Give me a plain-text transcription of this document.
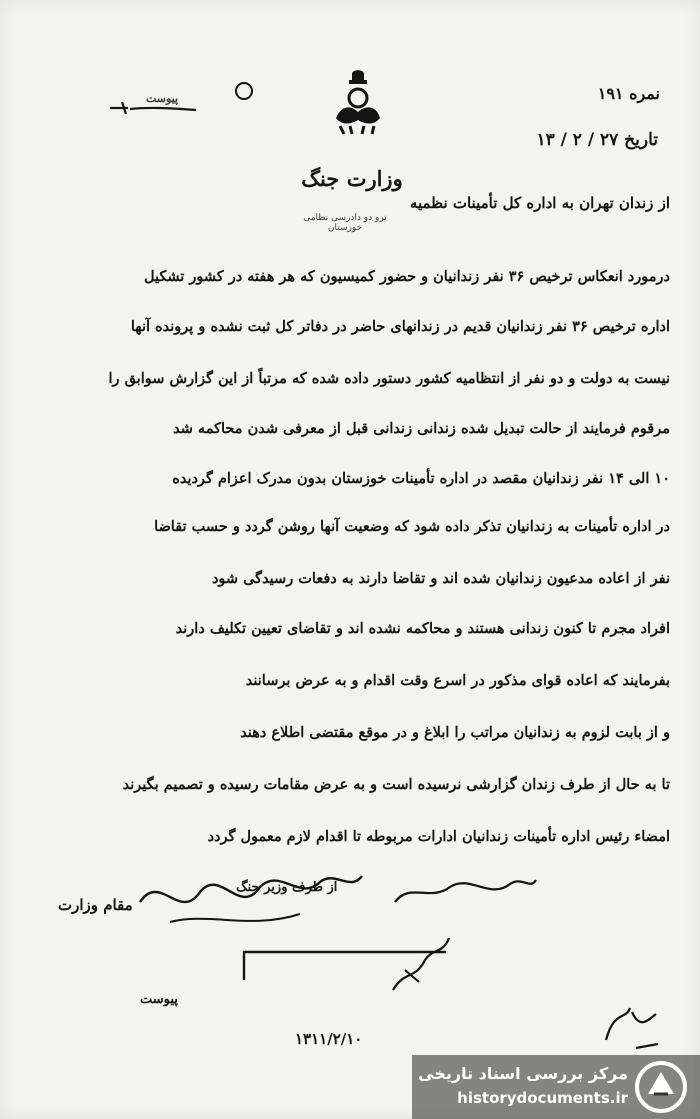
پیوست
وزارت جنگ
ترو دو دادرسی نظامی خوزستان
نمره ۱۹۱
تاریخ ۲۷ / ۲ / ۱۳
از زندان تهران به اداره کل تأمینات نظمیه
درمورد انعکاس ترخیص ۳۶ نفر زندانیان و حضور کمیسیون که هر هفته در کشور تشکیل
اداره ترخیص ۳۶ نفر زندانیان قدیم در زندانهای حاضر در دفاتر کل ثبت نشده و پرونده آنها
نیست به دولت و دو نفر از انتظامیه کشور دستور داده شده که مرتباً از این گزارش سوابق را
مرقوم فرمایند از حالت تبدیل شده زندانی زندانی قبل از معرفی شدن محاکمه شد
۱۰ الی ۱۴ نفر زندانیان مقصد در اداره تأمینات خوزستان بدون مدرک اعزام گردیده
در اداره تأمینات به زندانیان تذکر داده شود که وضعیت آنها روشن گردد و حسب تقاضا
نفر از اعاده مدعیون زندانیان شده اند و تقاضا دارند به دفعات رسیدگی شود
افراد مجرم تا کنون زندانی هستند و محاکمه نشده اند و تقاضای تعیین تکلیف دارند
بفرمایند که اعاده قوای مذکور در اسرع وقت اقدام و به عرض برسانند
و از بابت لزوم به زندانیان مراتب را ابلاغ و در موقع مقتضی اطلاع دهند
تا به حال از طرف زندان گزارشی نرسیده است و به عرض مقامات رسیده و تصمیم بگیرند
امضاء رئیس اداره تأمینات زندانیان ادارات مربوطه تا اقدام لازم معمول گردد
مقام وزارت
از طرف وزیر جنگ
پیوست
۱۳۱۱/۲/۱۰
مرکز بررسی اسناد تاریخی
historydocuments.ir
